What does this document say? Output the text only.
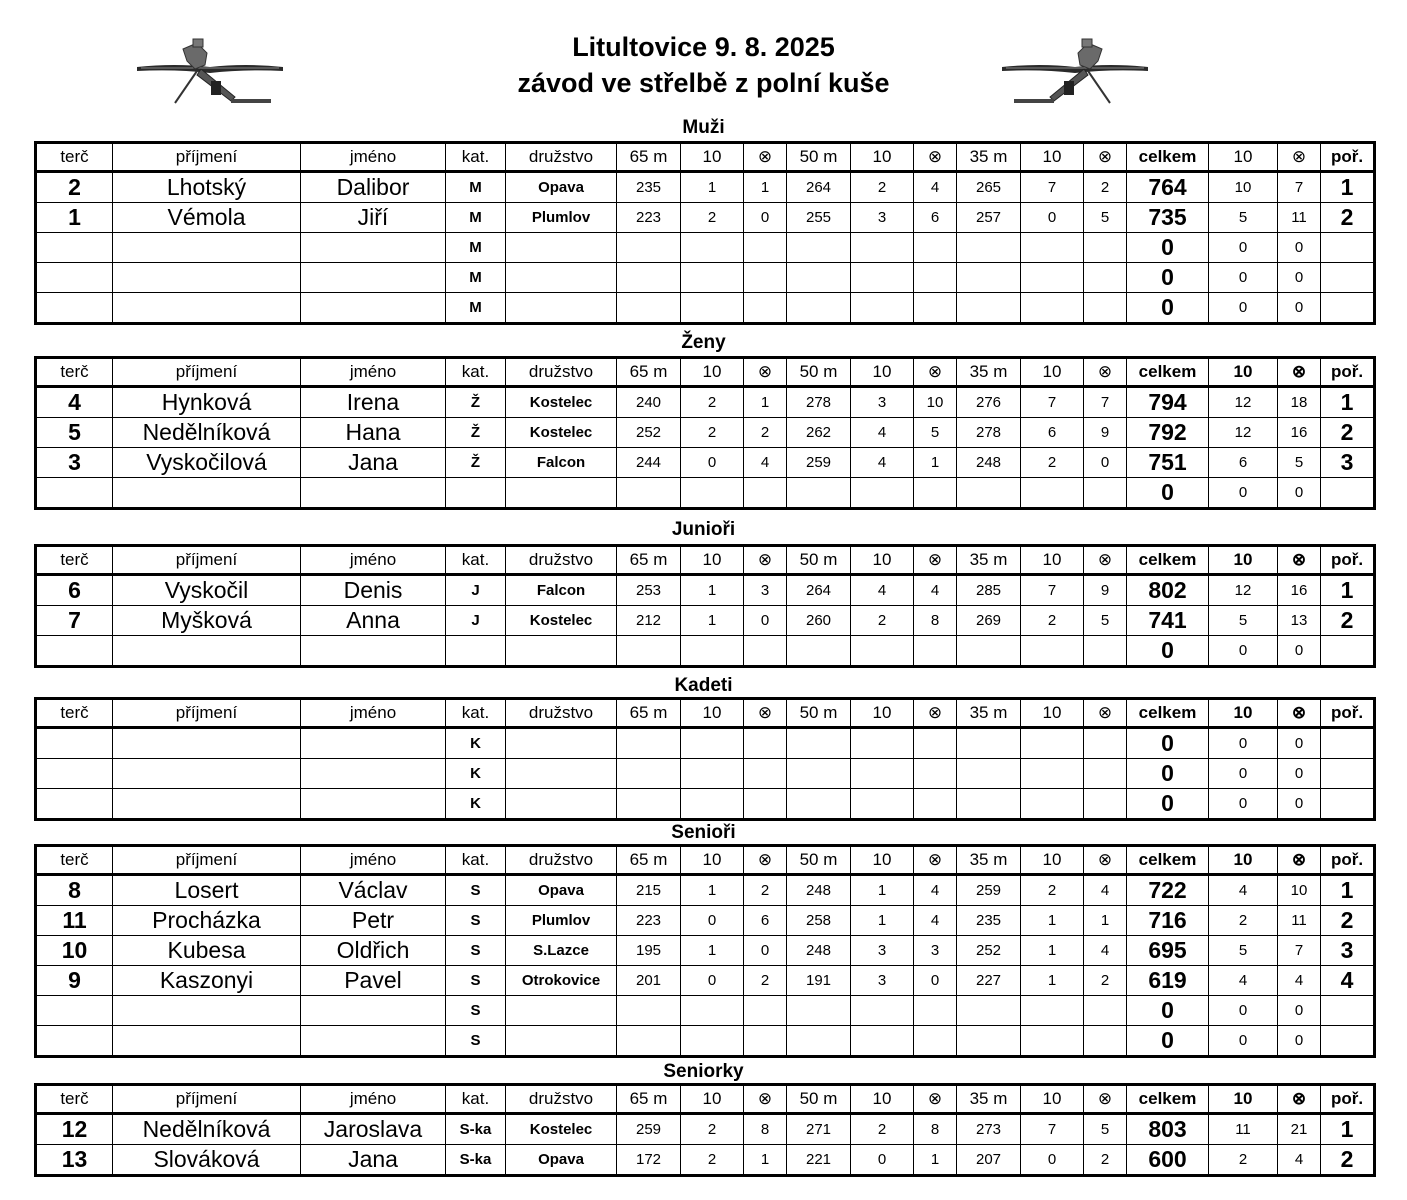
Litultovice 9. 8. 2025
závod ve střelbě z polní kuše
Muži
terč	příjmení	jméno	kat.	družstvo	65 m	10	⊗	50 m	10	⊗	35 m	10	⊗	celkem	10	⊗	poř.
2	Lhotský	Dalibor	M	Opava	235	1	1	264	2	4	265	7	2	764	10	7	1
1	Vémola	Jiří	M	Plumlov	223	2	0	255	3	6	257	0	5	735	5	11	2
			M											0	0	0	
			M											0	0	0	
			M											0	0	0	
Ženy
terč	příjmení	jméno	kat.	družstvo	65 m	10	⊗	50 m	10	⊗	35 m	10	⊗	celkem	10	⊗	poř.
4	Hynková	Irena	Ž	Kostelec	240	2	1	278	3	10	276	7	7	794	12	18	1
5	Nedělníková	Hana	Ž	Kostelec	252	2	2	262	4	5	278	6	9	792	12	16	2
3	Vyskočilová	Jana	Ž	Falcon	244	0	4	259	4	1	248	2	0	751	6	5	3
														0	0	0	
Junioři
terč	příjmení	jméno	kat.	družstvo	65 m	10	⊗	50 m	10	⊗	35 m	10	⊗	celkem	10	⊗	poř.
6	Vyskočil	Denis	J	Falcon	253	1	3	264	4	4	285	7	9	802	12	16	1
7	Myšková	Anna	J	Kostelec	212	1	0	260	2	8	269	2	5	741	5	13	2
														0	0	0	
Kadeti
terč	příjmení	jméno	kat.	družstvo	65 m	10	⊗	50 m	10	⊗	35 m	10	⊗	celkem	10	⊗	poř.
			K											0	0	0	
			K											0	0	0	
			K											0	0	0	
Senioři
terč	příjmení	jméno	kat.	družstvo	65 m	10	⊗	50 m	10	⊗	35 m	10	⊗	celkem	10	⊗	poř.
8	Losert	Václav	S	Opava	215	1	2	248	1	4	259	2	4	722	4	10	1
11	Procházka	Petr	S	Plumlov	223	0	6	258	1	4	235	1	1	716	2	11	2
10	Kubesa	Oldřich	S	S.Lazce	195	1	0	248	3	3	252	1	4	695	5	7	3
9	Kaszonyi	Pavel	S	Otrokovice	201	0	2	191	3	0	227	1	2	619	4	4	4
			S											0	0	0	
			S											0	0	0	
Seniorky
terč	příjmení	jméno	kat.	družstvo	65 m	10	⊗	50 m	10	⊗	35 m	10	⊗	celkem	10	⊗	poř.
12	Nedělníková	Jaroslava	S-ka	Kostelec	259	2	8	271	2	8	273	7	5	803	11	21	1
13	Slováková	Jana	S-ka	Opava	172	2	1	221	0	1	207	0	2	600	2	4	2
